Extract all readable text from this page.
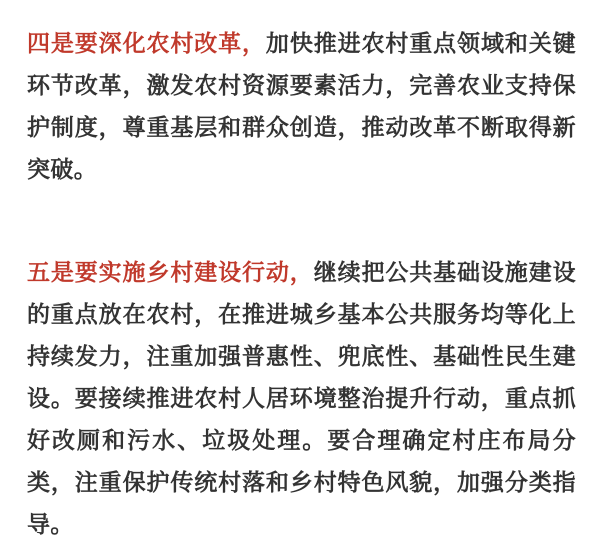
四是要深化农村改革，加快推进农村重点领域和关键环节改革，激发农村资源要素活力，完善农业支持保护制度，尊重基层和群众创造，推动改革不断取得新突破。

五是要实施乡村建设行动，继续把公共基础设施建设的重点放在农村，在推进城乡基本公共服务均等化上持续发力，注重加强普惠性、兜底性、基础性民生建设。要接续推进农村人居环境整治提升行动，重点抓好改厕和污水、垃圾处理。要合理确定村庄布局分类，注重保护传统村落和乡村特色风貌，加强分类指导。
